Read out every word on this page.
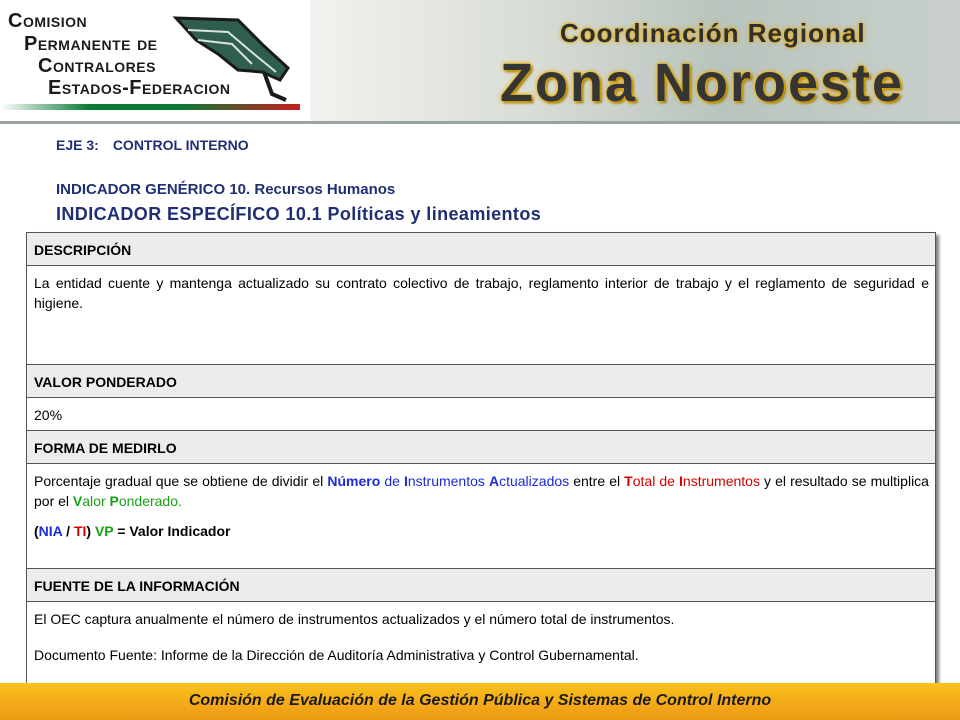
Comision
Permanente de
Contralores
Estados-Federacion
Coordinación Regional
Zona Noroeste
EJE 3: CONTROL INTERNO
INDICADOR GENÉRICO 10. Recursos Humanos
INDICADOR ESPECÍFICO 10.1 Políticas y lineamientos
DESCRIPCIÓN
La entidad cuente y mantenga actualizado su contrato colectivo de trabajo, reglamento interior de trabajo y el reglamento de seguridad e higiene.
VALOR PONDERADO
20%
FORMA DE MEDIRLO

Porcentaje gradual que se obtiene de dividir el Número de Instrumentos Actualizados entre el Total de Instrumentos y el resultado se multiplica por el Valor Ponderado.
(NIA / TI) VP = Valor Indicador

FUENTE DE LA INFORMACIÓN

El OEC captura anualmente el número de instrumentos actualizados y el número total de instrumentos.
Documento Fuente: Informe de la Dirección de Auditoría Administrativa y Control Gubernamental.
Comisión de Evaluación de la Gestión Pública y Sistemas de Control Interno
